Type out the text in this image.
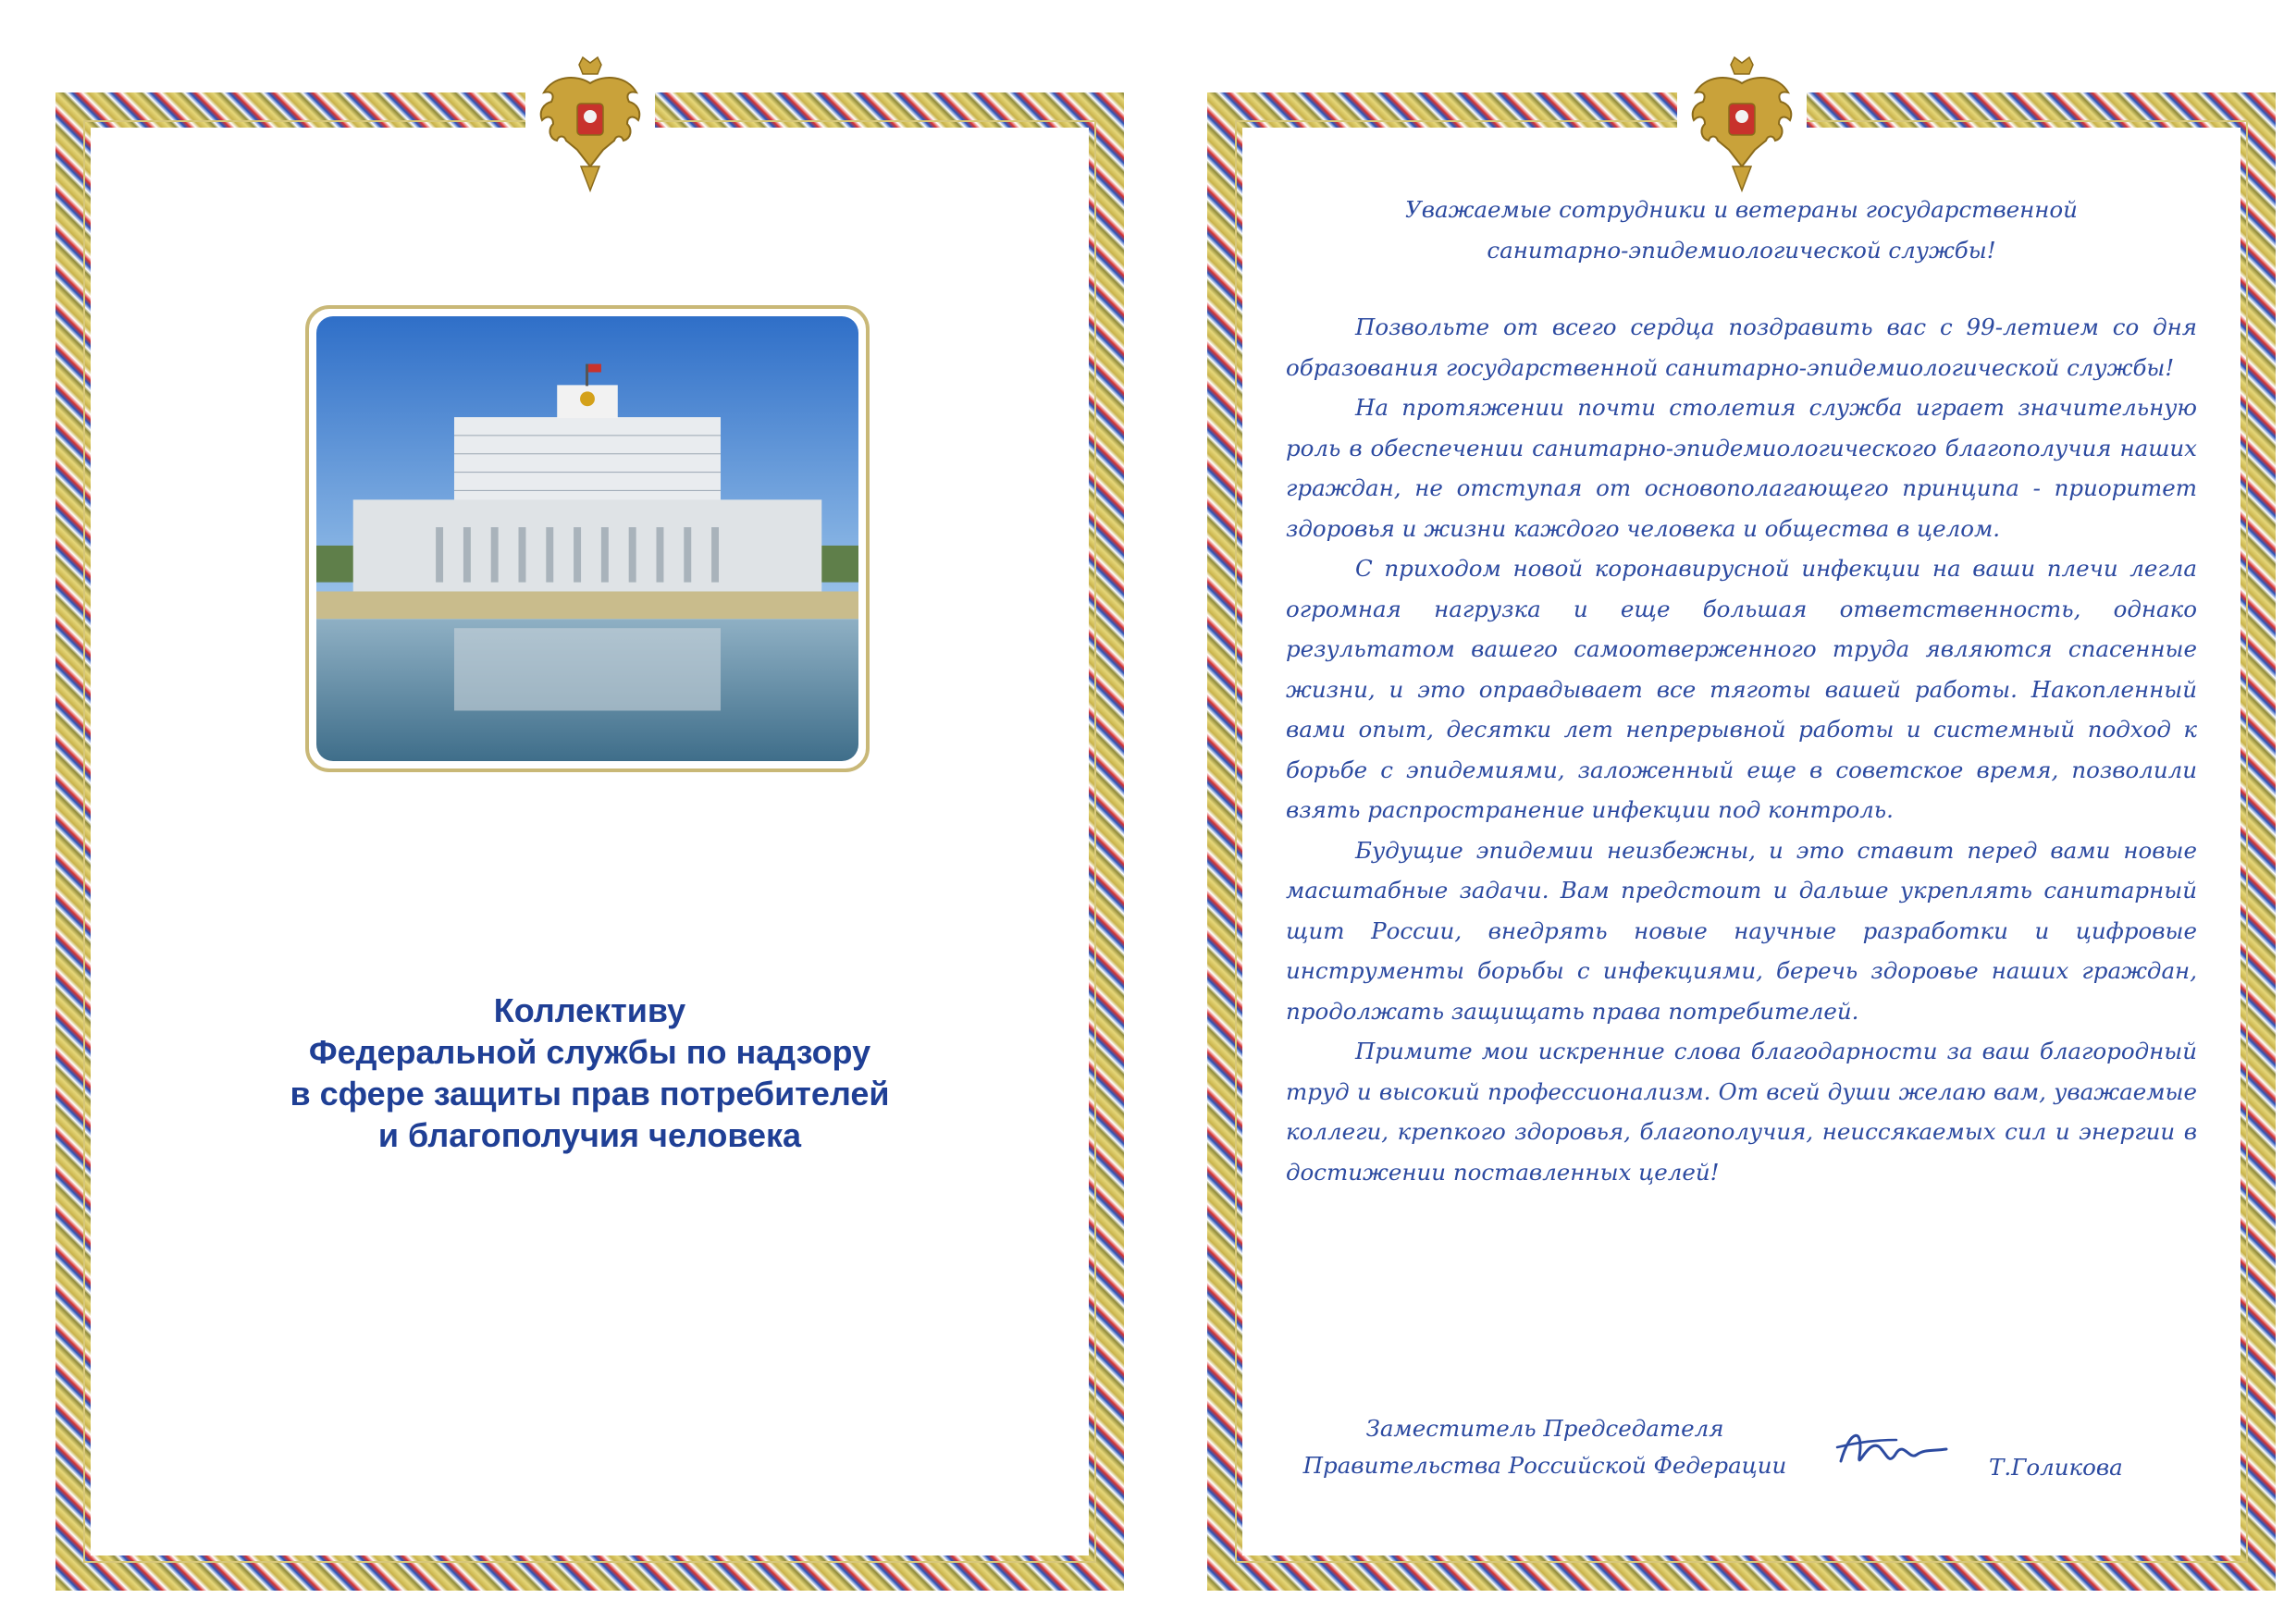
Коллективу
Федеральной службы по надзору
в сфере защиты прав потребителей
и благополучия человека
Уважаемые сотрудники и ветераны государственной
санитарно-эпидемиологической службы!

Позвольте от всего сердца поздравить вас с 99-летием со дня образования государственной санитарно-эпидемиологической службы!

На протяжении почти столетия служба играет значительную роль в обеспечении санитарно-эпидемиологического благополучия наших граждан, не отступая от основополагающего принципа - приоритет здоровья и жизни каждого человека и общества в целом.

С приходом новой коронавирусной инфекции на ваши плечи легла огромная нагрузка и еще большая ответственность, однако результатом вашего самоотверженного труда являются спасенные жизни, и это оправдывает все тяготы вашей работы. Накопленный вами опыт, десятки лет непрерывной работы и системный подход к борьбе с эпидемиями, заложенный еще в советское время, позволили взять распространение инфекции под контроль.

Будущие эпидемии неизбежны, и это ставит перед вами новые масштабные задачи. Вам предстоит и дальше укреплять санитарный щит России, внедрять новые научные разработки и цифровые инструменты борьбы с инфекциями, беречь здоровье наших граждан, продолжать защищать права потребителей.

Примите мои искренние слова благодарности за ваш благородный труд и высокий профессионализм. От всей души желаю вам, уважаемые коллеги, крепкого здоровья, благополучия, неиссякаемых сил и энергии в достижении поставленных целей!

Заместитель Председателя
Правительства Российской Федерации	Т.Голикова
